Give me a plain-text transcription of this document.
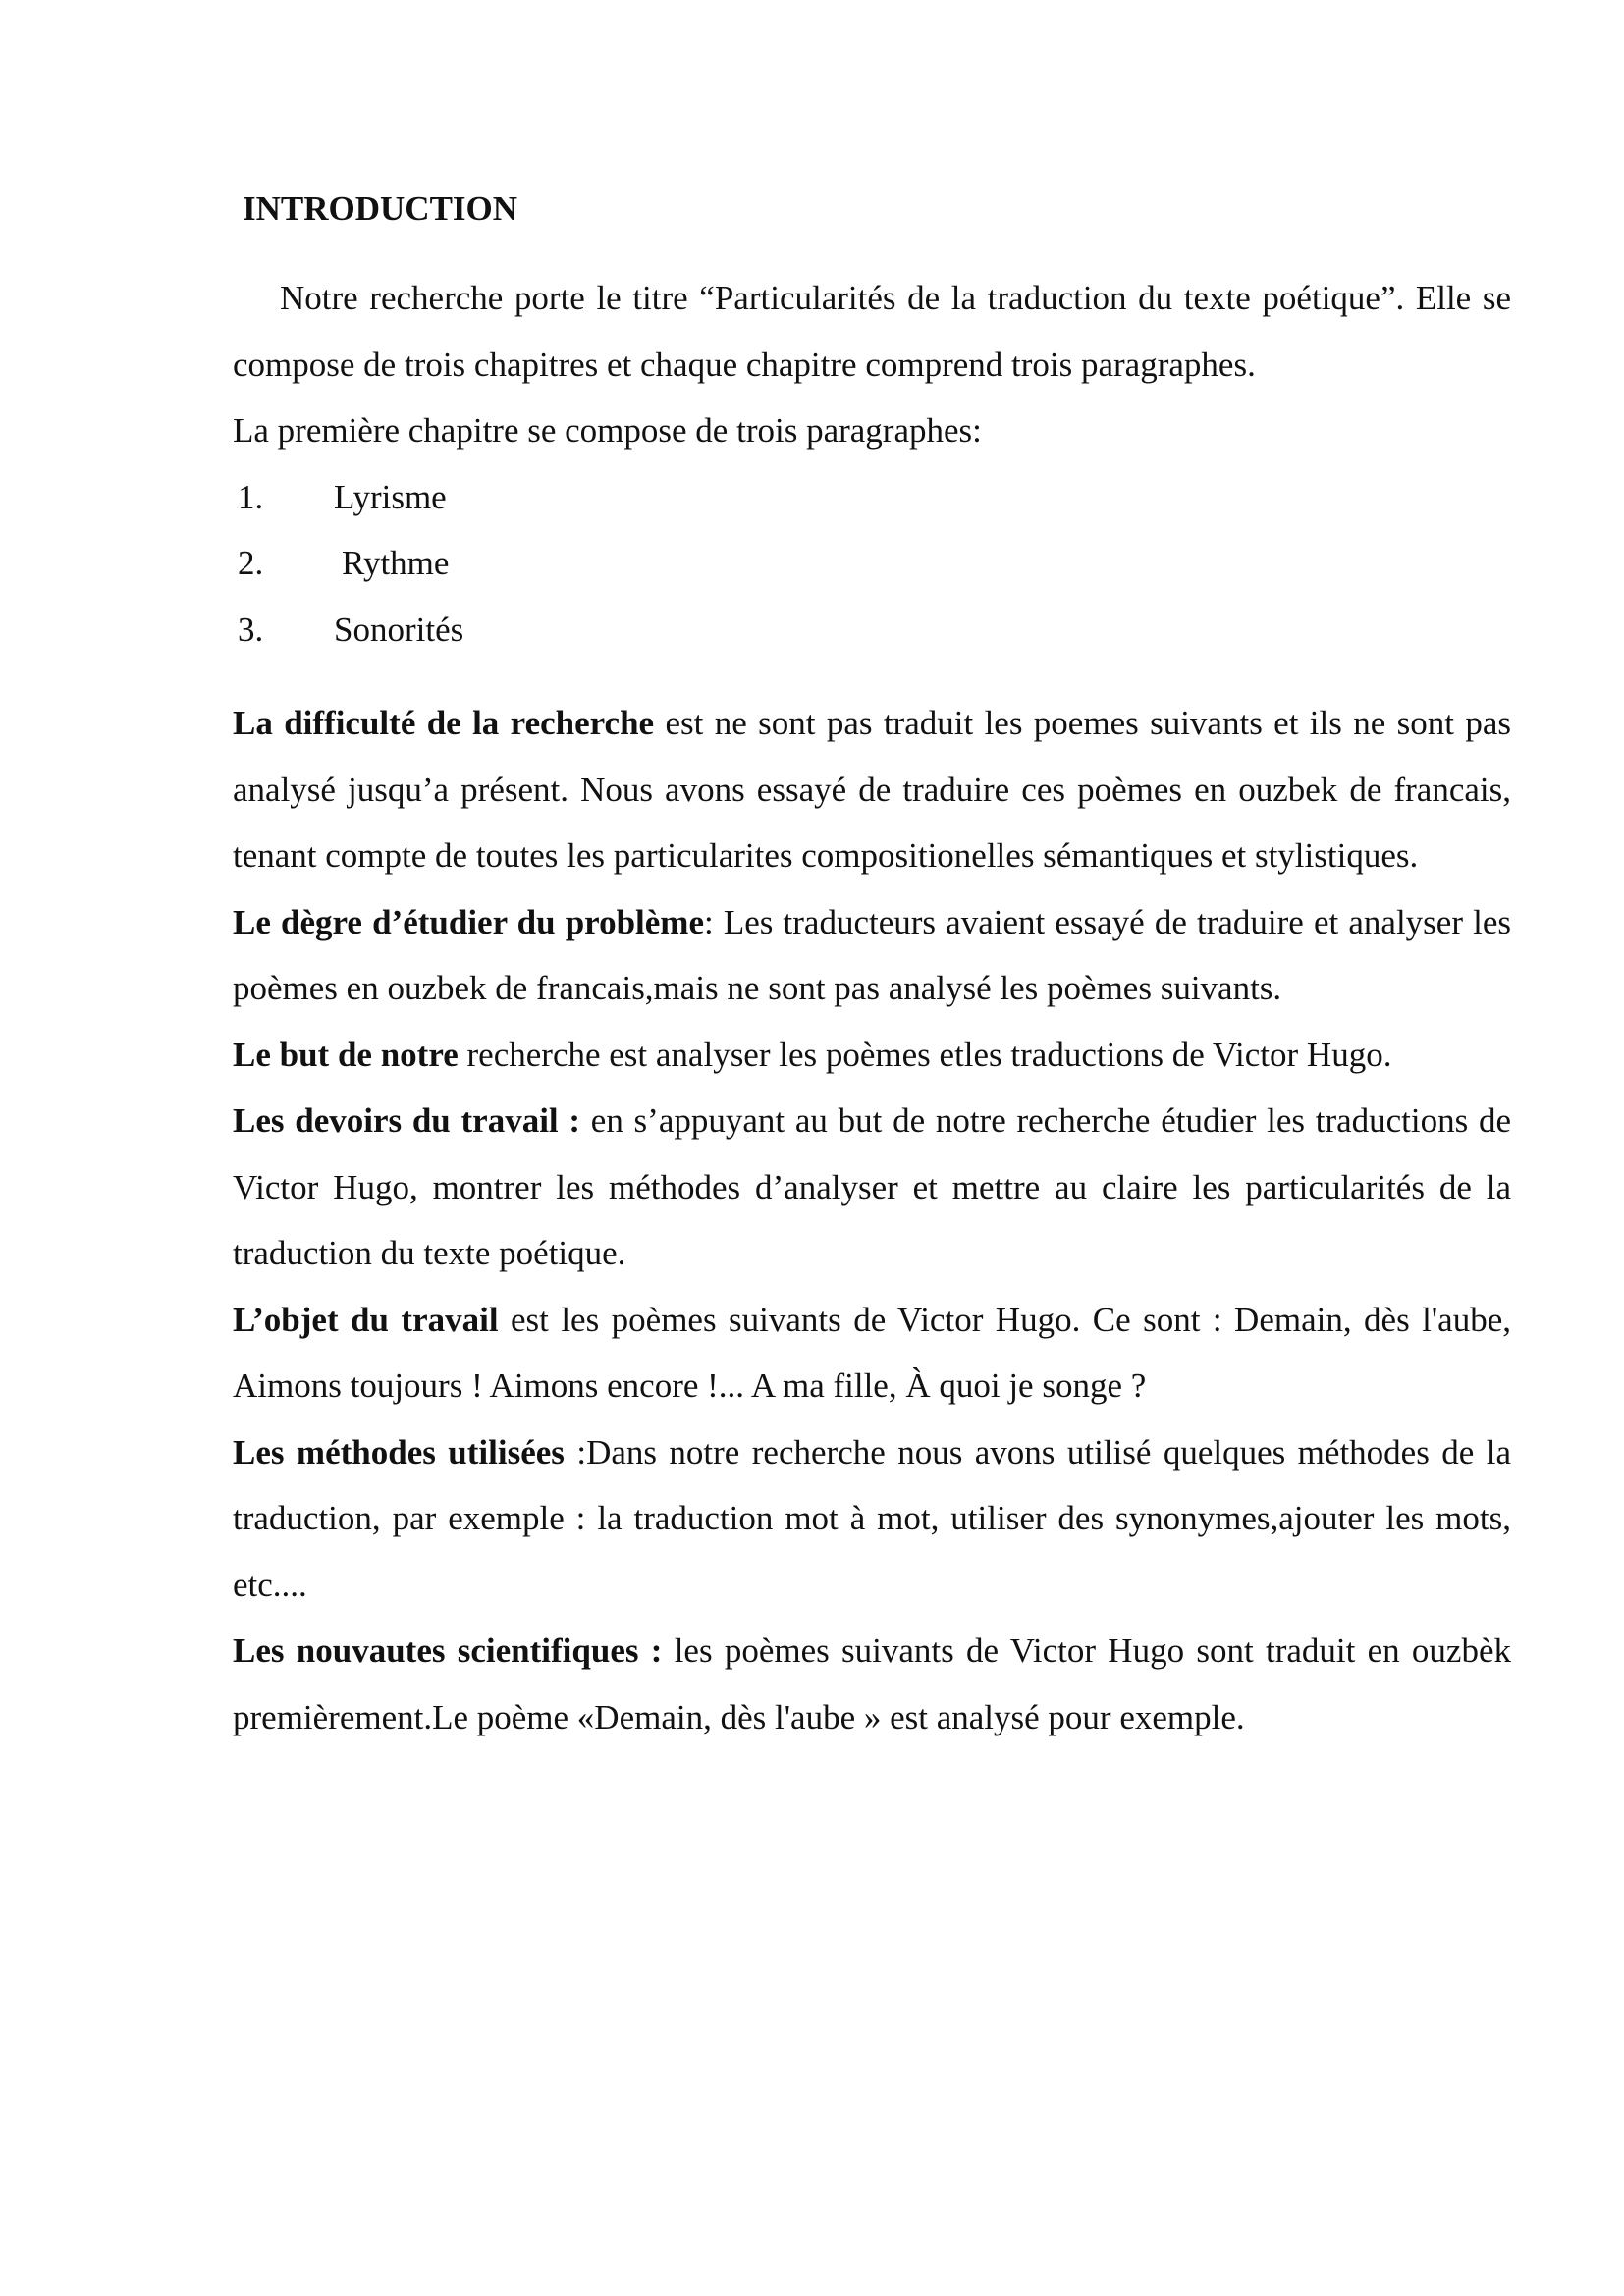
INTRODUCTION

Notre recherche porte le titre “Particularités de la traduction du texte poétique”. Elle se compose de trois chapitres et chaque chapitre comprend trois paragraphes.

La première chapitre se compose de trois paragraphes:

1. Lyrisme
2. Rythme
3. Sonorités

La difficulté de la recherche est ne sont pas traduit les poemes suivants et ils ne sont pas analysé jusqu’a présent. Nous avons essayé de traduire ces poèmes en ouzbek de francais, tenant compte de toutes les particularites compositionelles sémantiques et stylistiques.

Le dègre d’étudier du problème: Les traducteurs avaient essayé de traduire et analyser les poèmes en ouzbek de francais,mais ne sont pas analysé les poèmes suivants.

Le but de notre recherche est analyser les poèmes etles traductions de Victor Hugo.

Les devoirs du travail : en s’appuyant au but de notre recherche étudier les traductions de Victor Hugo, montrer les méthodes d’analyser et mettre au claire les particularités de la traduction du texte poétique.

L’objet du travail est les poèmes suivants de Victor Hugo. Ce sont : Demain, dès l'aube, Aimons toujours ! Aimons encore !... A ma fille, À quoi je songe ?

Les méthodes utilisées :Dans notre recherche nous avons utilisé quelques méthodes de la traduction, par exemple : la traduction mot à mot, utiliser des synonymes,ajouter les mots, etc....

Les nouvautes scientifiques : les poèmes suivants de Victor Hugo sont traduit en ouzbèk premièrement.Le poème «Demain, dès l'aube » est analysé pour exemple.
